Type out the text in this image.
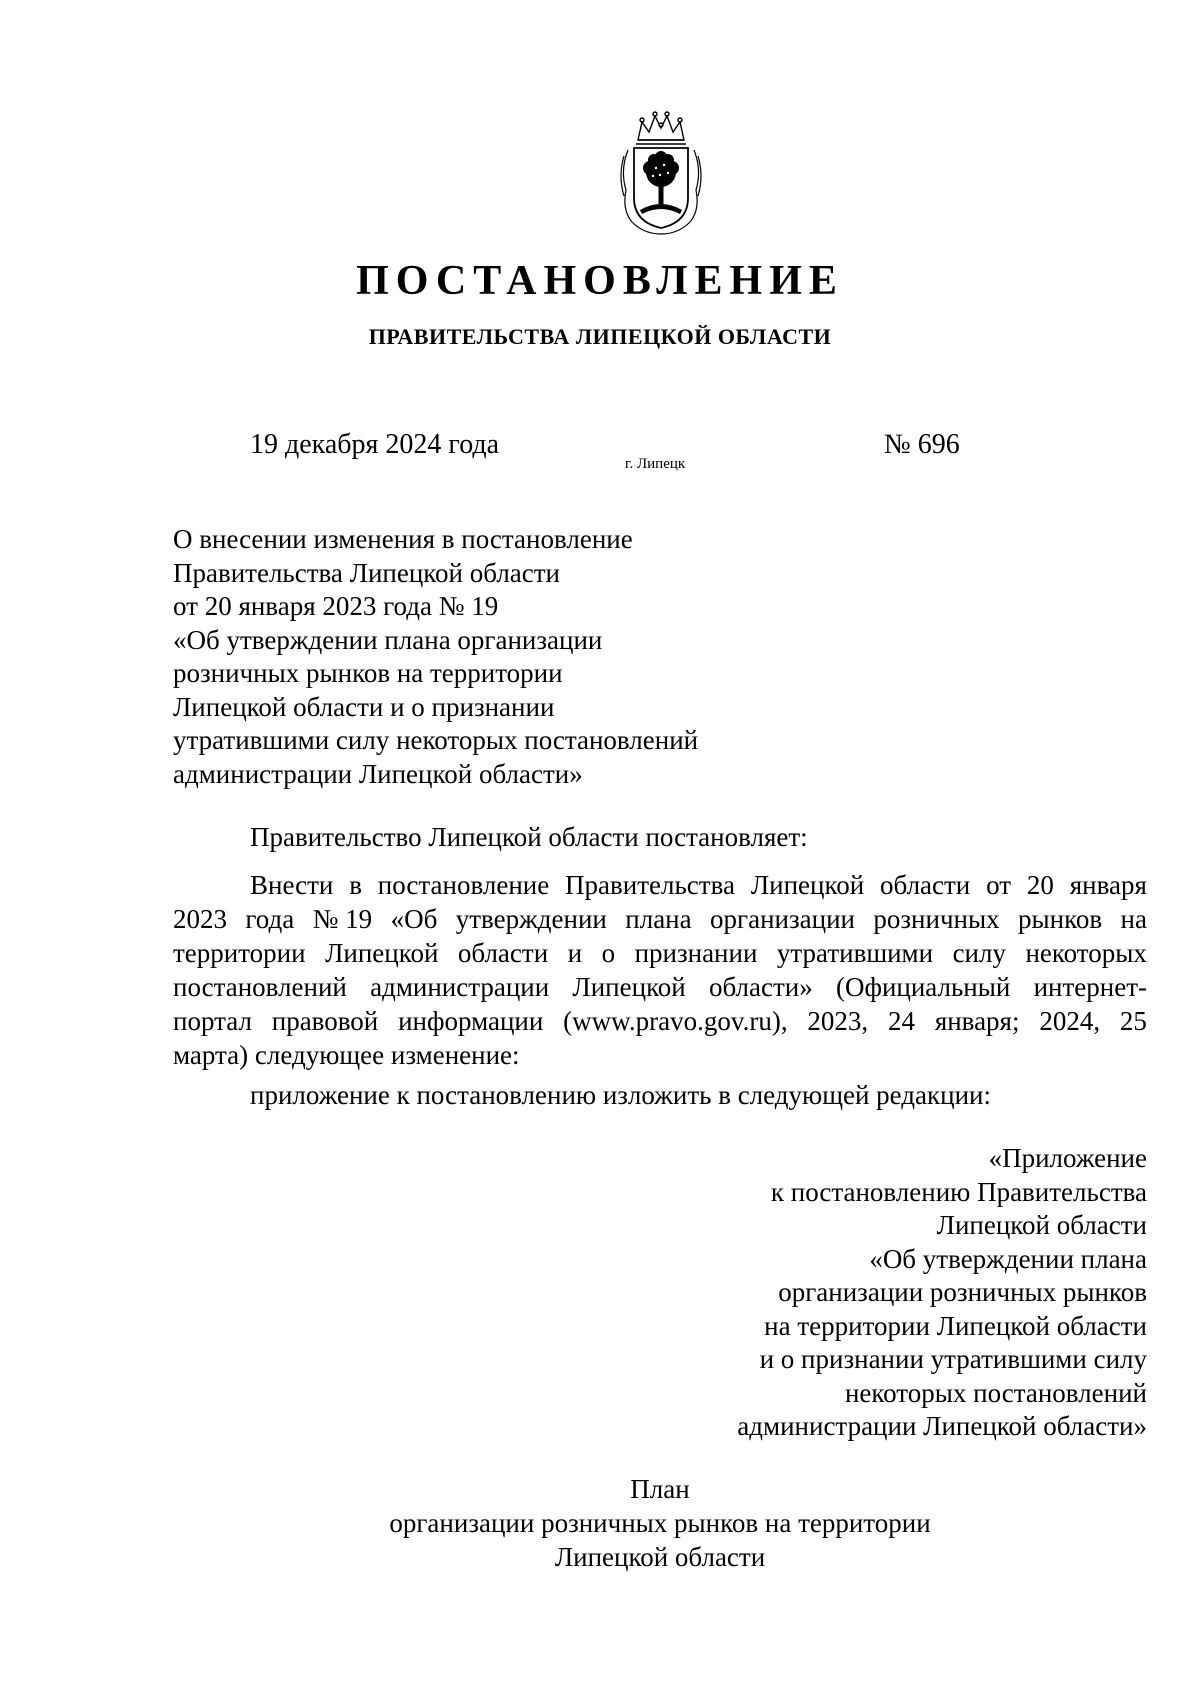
ПОСТАНОВЛЕНИЕ
ПРАВИТЕЛЬСТВА ЛИПЕЦКОЙ ОБЛАСТИ
19 декабря 2024 года
г. Липецк
№ 696
О внесении изменения в постановление
Правительства Липецкой области
от 20 января 2023 года № 19
«Об утверждении плана организации
розничных рынков на территории
Липецкой области и о признании
утратившими силу некоторых постановлений
администрации Липецкой области»
Правительство Липецкой области постановляет:
Внести в постановление Правительства Липецкой области от 20 января
2023 года № 19 «Об утверждении плана организации розничных рынков на
территории Липецкой области и о признании утратившими силу некоторых
постановлений администрации Липецкой области» (Официальный интернет-
портал правовой информации (www.pravo.gov.ru), 2023, 24 января; 2024, 25
марта) следующее изменение:
приложение к постановлению изложить в следующей редакции:
«Приложение
к постановлению Правительства
Липецкой области
«Об утверждении плана
организации розничных рынков
на территории Липецкой области
и о признании утратившими силу
некоторых постановлений
администрации Липецкой области»
План
организации розничных рынков на территории
Липецкой области
